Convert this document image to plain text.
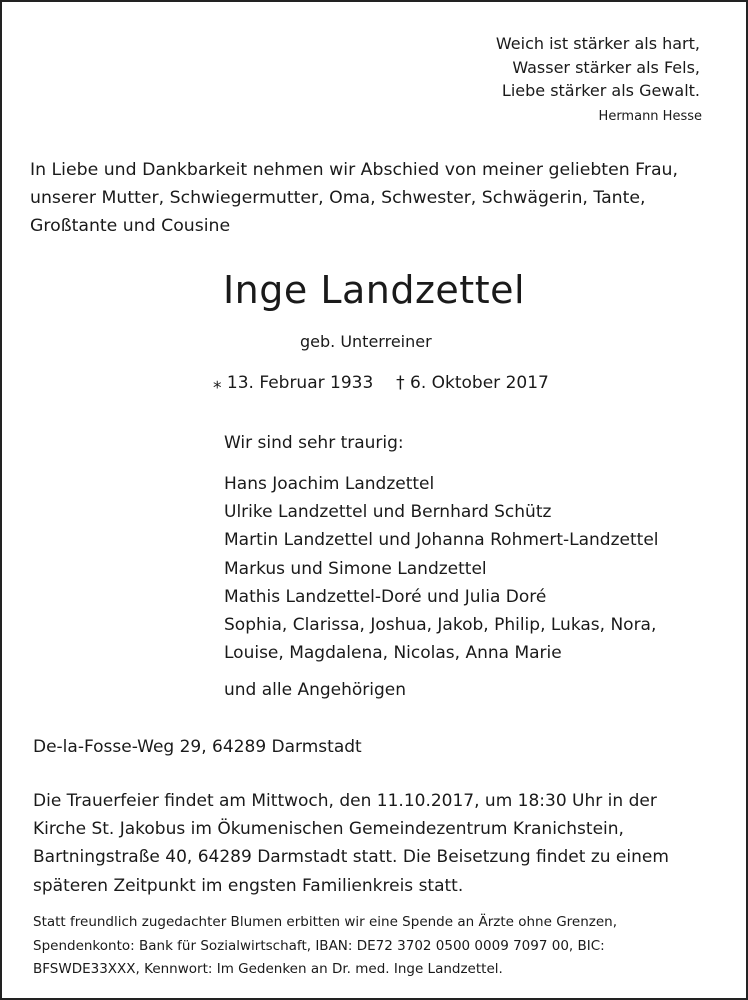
Weich ist stärker als hart,
Wasser stärker als Fels,
Liebe stärker als Gewalt.
Hermann Hesse
In Liebe und Dankbarkeit nehmen wir Abschied von meiner geliebten Frau,
unserer Mutter, Schwiegermutter, Oma, Schwester, Schwägerin, Tante,
Großtante und Cousine
Inge Landzettel
geb. Unterreiner
⁎ 13. Februar 1933 † 6. Oktober 2017
Wir sind sehr traurig:
Hans Joachim Landzettel
Ulrike Landzettel und Bernhard Schütz
Martin Landzettel und Johanna Rohmert-Landzettel
Markus und Simone Landzettel
Mathis Landzettel-Doré und Julia Doré
Sophia, Clarissa, Joshua, Jakob, Philip, Lukas, Nora,
Louise, Magdalena, Nicolas, Anna Marie
und alle Angehörigen
De-la-Fosse-Weg 29, 64289 Darmstadt
Die Trauerfeier findet am Mittwoch, den 11.10.2017, um 18:30 Uhr in der
Kirche St. Jakobus im Ökumenischen Gemeindezentrum Kranichstein,
Bartningstraße 40, 64289 Darmstadt statt. Die Beisetzung findet zu einem
späteren Zeitpunkt im engsten Familienkreis statt.
Statt freundlich zugedachter Blumen erbitten wir eine Spende an Ärzte ohne Grenzen,
Spendenkonto: Bank für Sozialwirtschaft, IBAN: DE72 3702 0500 0009 7097 00, BIC:
BFSWDE33XXX, Kennwort: Im Gedenken an Dr. med. Inge Landzettel.
